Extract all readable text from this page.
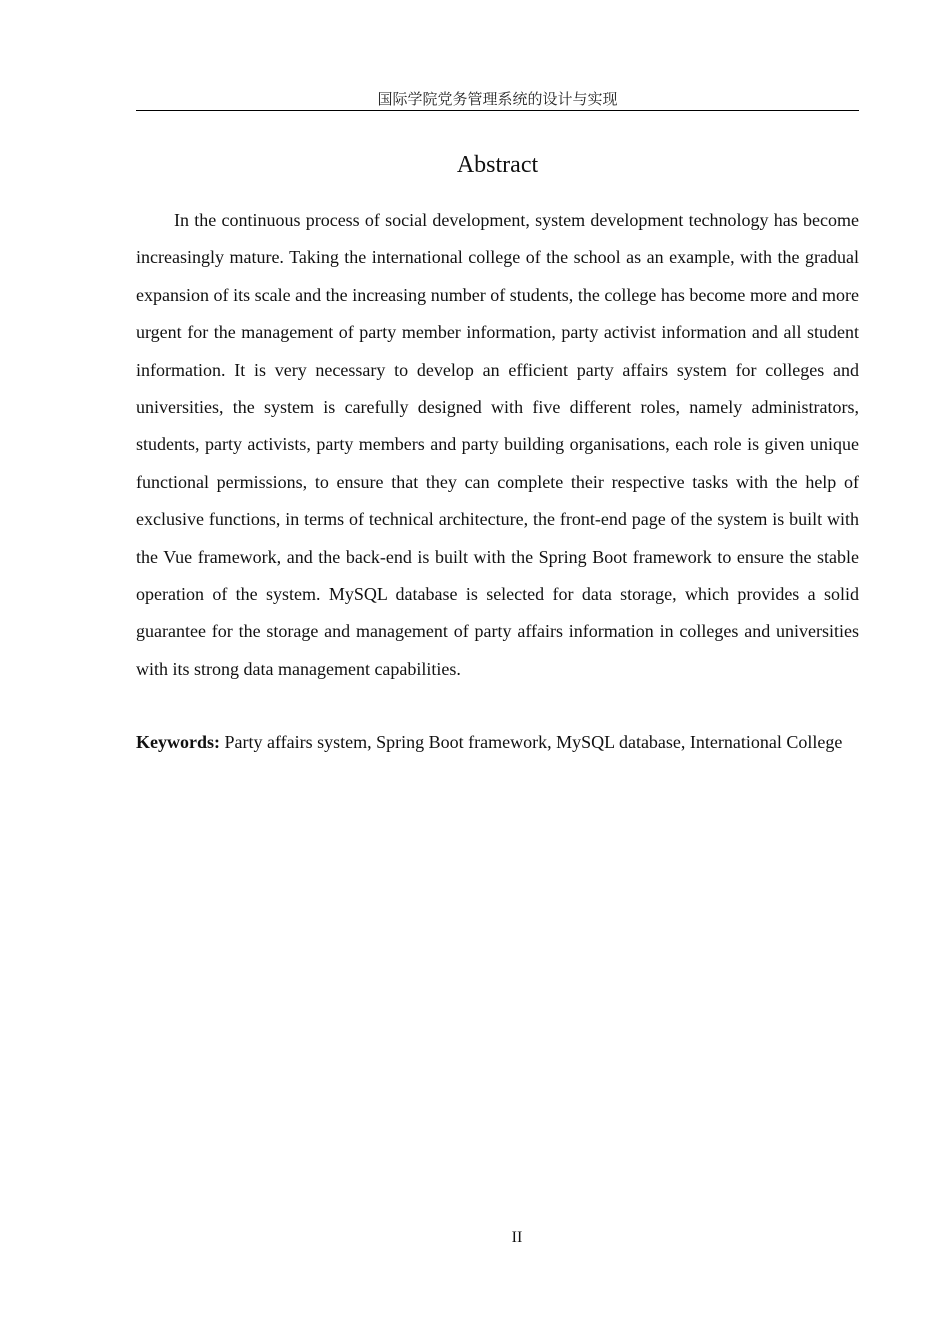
国际学院党务管理系统的设计与实现
Abstract

In the continuous process of social development, system development technology has become increasingly mature. Taking the international college of the school as an example, with the gradual expansion of its scale and the increasing number of students, the college has become more and more urgent for the management of party member information, party activist information and all student information. It is very necessary to develop an efficient party affairs system for colleges and universities, the system is carefully designed with five different roles, namely administrators, students, party activists, party members and party building organisations, each role is given unique functional permissions, to ensure that they can complete their respective tasks with the help of exclusive functions, in terms of technical architecture, the front-end page of the system is built with the Vue framework, and the back-end is built with the Spring Boot framework to ensure the stable operation of the system. MySQL database is selected for data storage, which provides a solid guarantee for the storage and management of party affairs information in colleges and universities with its strong data management capabilities.

Keywords: Party affairs system, Spring Boot framework, MySQL database, International College

II
